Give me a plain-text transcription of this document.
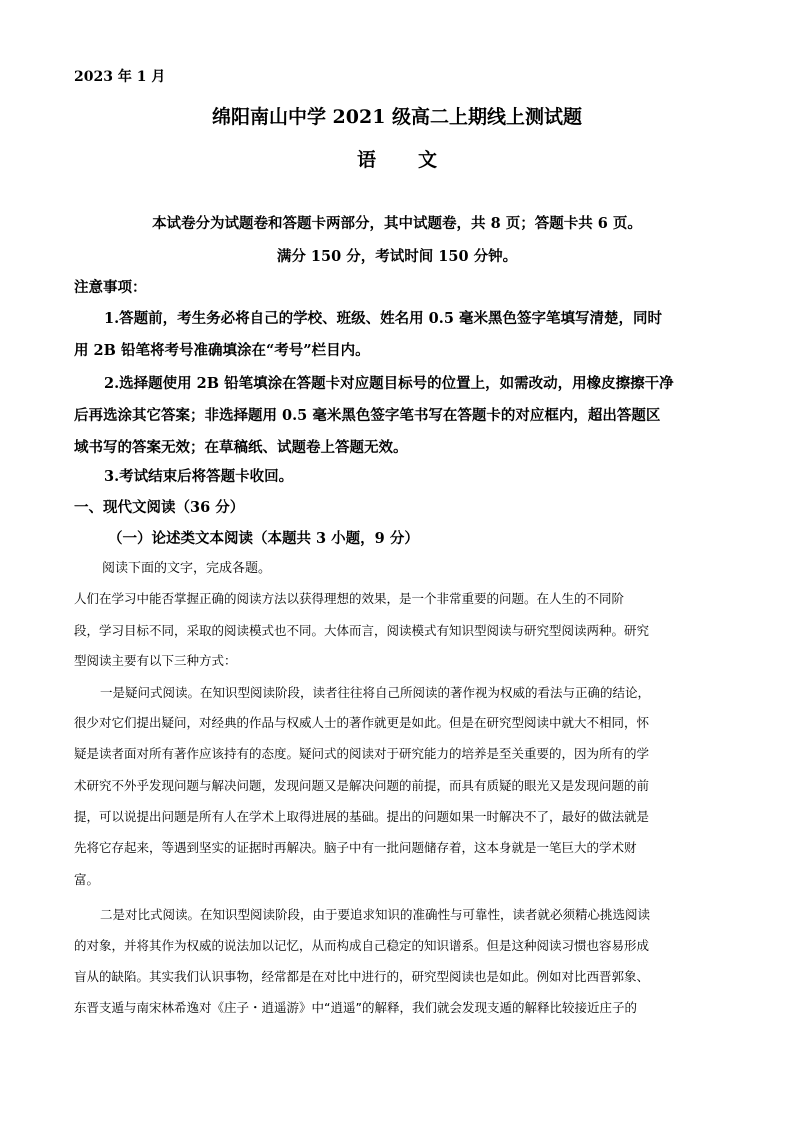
2023 年 1 月
绵阳南山中学 2021 级高二上期线上测试题
语 文
本试卷分为试题卷和答题卡两部分，其中试题卷，共 8 页；答题卡共 6 页。
满分 150 分，考试时间 150 分钟。
注意事项：
1.答题前，考生务必将自己的学校、班级、姓名用 0.5 毫米黑色签字笔填写清楚，同时
用 2B 铅笔将考号准确填涂在“考号”栏目内。
2.选择题使用 2B 铅笔填涂在答题卡对应题目标号的位置上，如需改动，用橡皮擦擦干净
后再选涂其它答案；非选择题用 0.5 毫米黑色签字笔书写在答题卡的对应框内，超出答题区
域书写的答案无效；在草稿纸、试题卷上答题无效。
3.考试结束后将答题卡收回。
一、现代文阅读（36 分）
（一）论述类文本阅读（本题共 3 小题，9 分）
阅读下面的文字，完成各题。
人们在学习中能否掌握正确的阅读方法以获得理想的效果，是一个非常重要的问题。在人生的不同阶
段，学习目标不同，采取的阅读模式也不同。大体而言，阅读模式有知识型阅读与研究型阅读两种。研究
型阅读主要有以下三种方式：
一是疑问式阅读。在知识型阅读阶段，读者往往将自己所阅读的著作视为权威的看法与正确的结论，
很少对它们提出疑问，对经典的作品与权威人士的著作就更是如此。但是在研究型阅读中就大不相同，怀
疑是读者面对所有著作应该持有的态度。疑问式的阅读对于研究能力的培养是至关重要的，因为所有的学
术研究不外乎发现问题与解决问题，发现问题又是解决问题的前提，而具有质疑的眼光又是发现问题的前
提，可以说提出问题是所有人在学术上取得进展的基础。提出的问题如果一时解决不了，最好的做法就是
先将它存起来，等遇到坚实的证据时再解决。脑子中有一批问题储存着，这本身就是一笔巨大的学术财
富。
二是对比式阅读。在知识型阅读阶段，由于要追求知识的准确性与可靠性，读者就必须精心挑选阅读
的对象，并将其作为权威的说法加以记忆，从而构成自己稳定的知识谱系。但是这种阅读习惯也容易形成
盲从的缺陷。其实我们认识事物，经常都是在对比中进行的，研究型阅读也是如此。例如对比西晋郭象、
东晋支遁与南宋林希逸对《庄子・逍遥游》中“逍遥”的解释，我们就会发现支遁的解释比较接近庄子的
